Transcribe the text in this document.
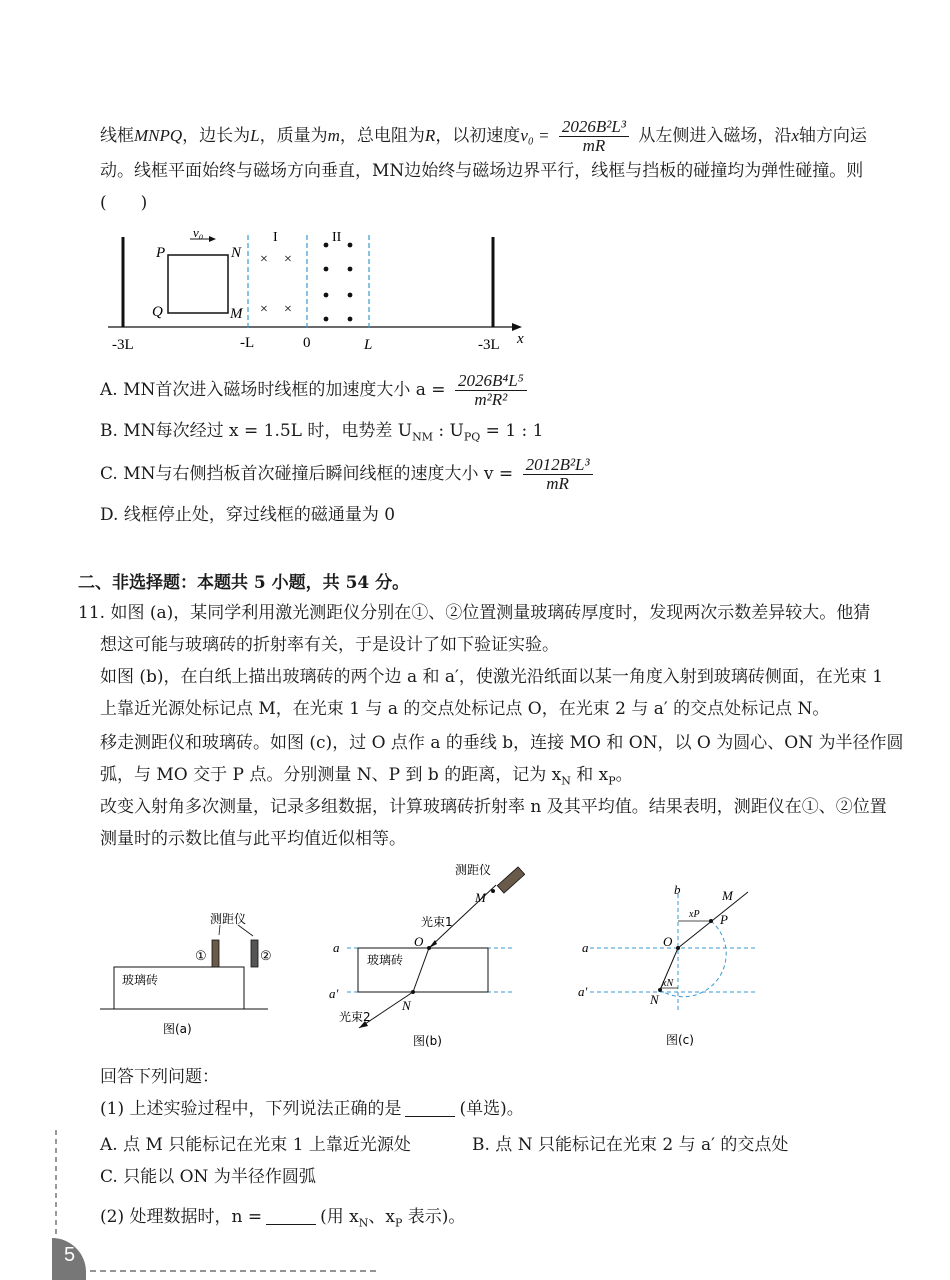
线框MNPQ，边长为L，质量为m，总电阻为R，以初速度$v_0 = \frac{\text{2026B²L³}}{mR}$ 从左侧进入磁场，沿x轴方向运
动。线框平面始终与磁场方向垂直，MN边始终与磁场边界平行，线框与挡板的碰撞均为弹性碰撞。则
(　　)
v₀
P	N
Q	M
I	II
× ×
× ×
x
-3L	-L	0	L	-3L
A. MN首次进入磁场时线框的加速度大小 $a = \frac{\text{2026B⁴L⁵}}{\text{m²R²}}$
B. MN每次经过 x = 1.5L 时，电势差 $U_{NM}$ : $U_{PQ} = 1$ : 1
C. MN与右侧挡板首次碰撞后瞬间线框的速度大小 $v = \frac{\text{2012B²L³}}{mR}$
D. 线框停止处，穿过线框的磁通量为 0
二、非选择题：本题共 5 小题，共 54 分。
11. 如图 (a)，某同学利用激光测距仪分别在①、②位置测量玻璃砖厚度时，发现两次示数差异较大。他猜
想这可能与玻璃砖的折射率有关，于是设计了如下验证实验。
如图 (b)，在白纸上描出玻璃砖的两个边 a 和 a′，使激光沿纸面以某一角度入射到玻璃砖侧面，在光束 1
上靠近光源处标记点 M，在光束 1 与 a 的交点处标记点 O，在光束 2 与 a′ 的交点处标记点 N。
移走测距仪和玻璃砖。如图 (c)，过 O 点作 a 的垂线 b，连接 MO 和 ON，以 O 为圆心、ON 为半径作圆
弧，与 MO 交于 P 点。分别测量 N、P 到 b 的距离，记为 $x_N$ 和 $x_P$。
改变入射角多次测量，记录多组数据，计算玻璃砖折射率 n 及其平均值。结果表明，测距仪在①、②位置
测量时的示数比值与此平均值近似相等。
测距仪
①	②
玻璃砖
图(a)
测距仪
M
光束1
O
a
玻璃砖
a′
N
光束2
图(b)
b	M
xP P
a	O
a′
xN
N
图(c)
回答下列问题：
(1) 上述实验过程中，下列说法正确的是	(单选)。
A. 点 M 只能标记在光束 1 上靠近光源处	B. 点 N 只能标记在光束 2 与 a′ 的交点处
C. 只能以 ON 为半径作圆弧
(2) 处理数据时，n =	(用 $x_N$、$x_P$ 表示)。
5
